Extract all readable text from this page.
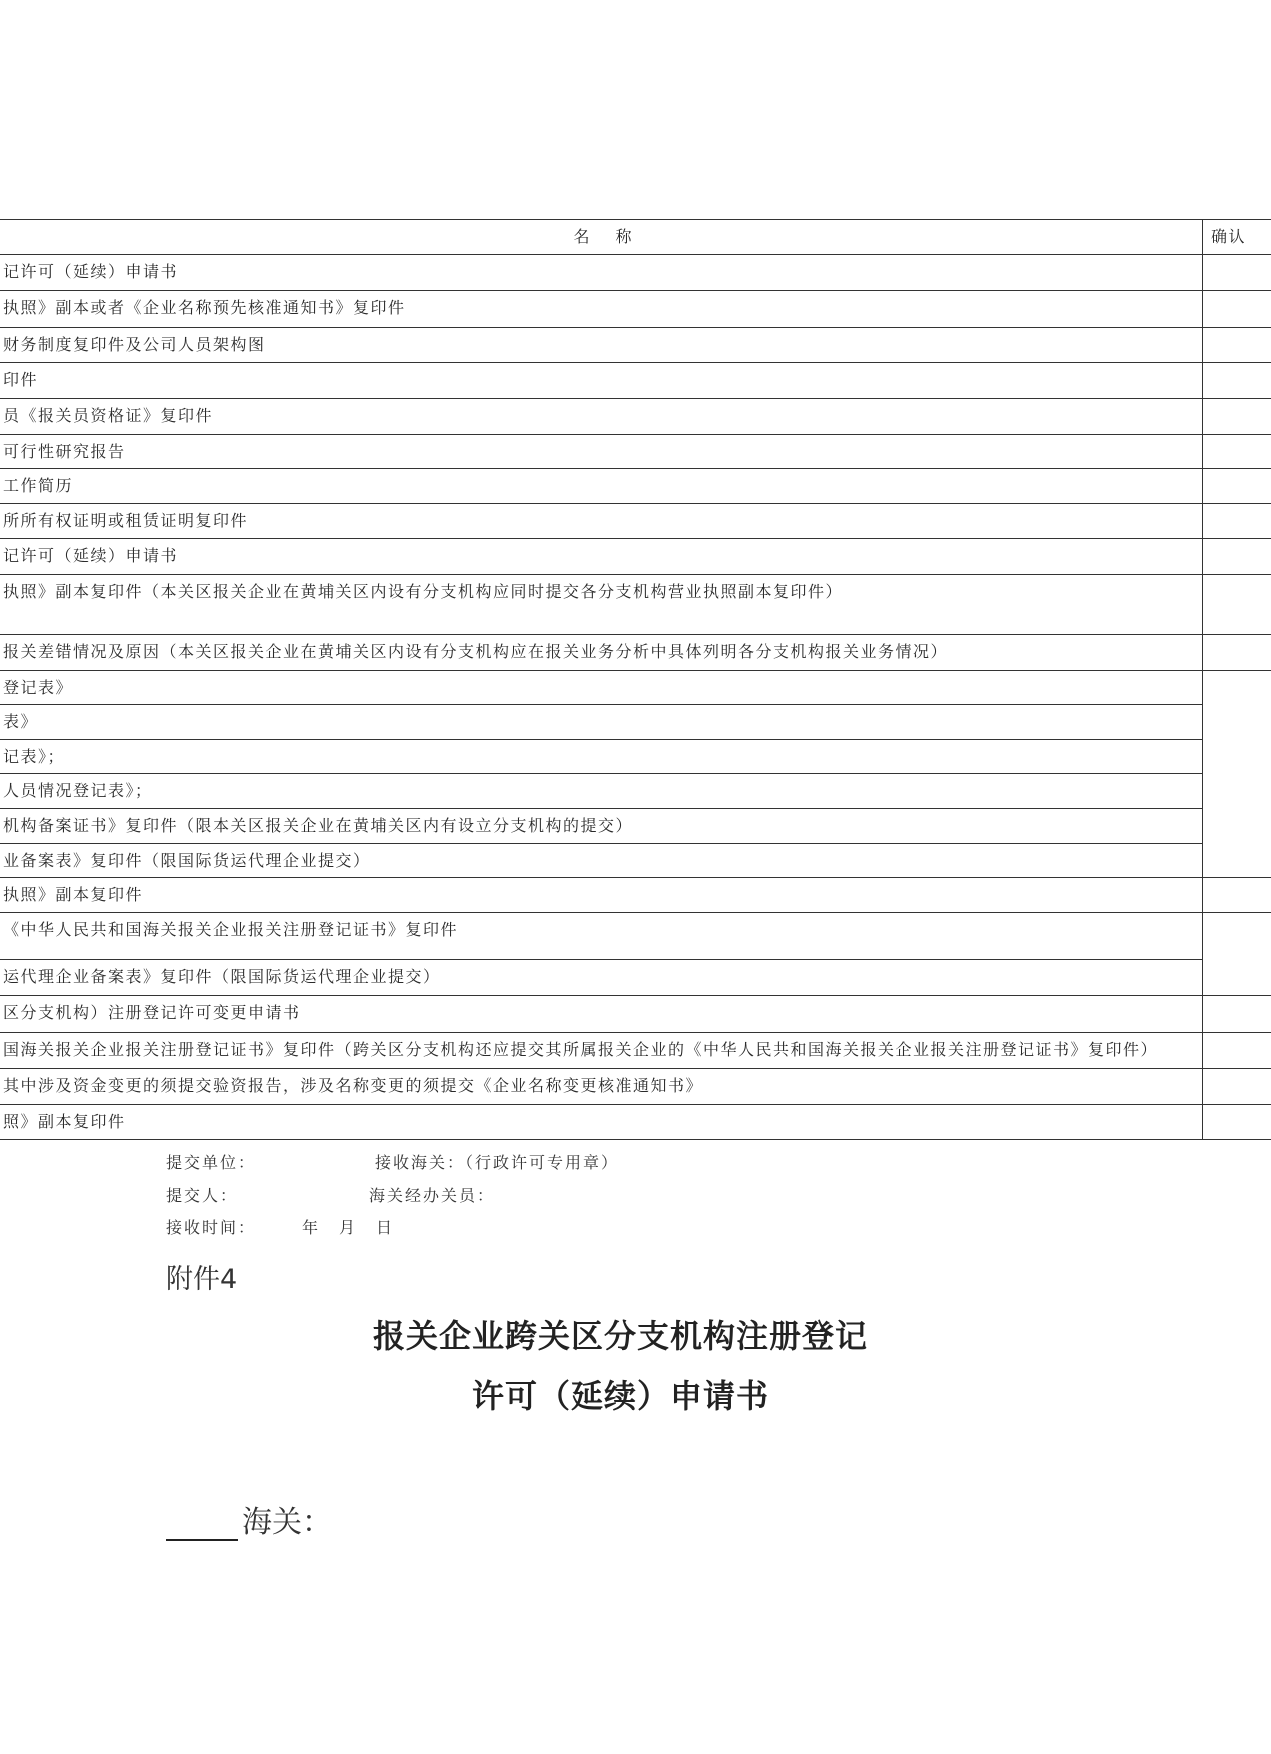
名 称	确认
记许可（延续）申请书	
执照》副本或者《企业名称预先核准通知书》复印件	
财务制度复印件及公司人员架构图	
印件	
员《报关员资格证》复印件	
可行性研究报告	
工作简历	
所所有权证明或租赁证明复印件	
记许可（延续）申请书	
执照》副本复印件（本关区报关企业在黄埔关区内设有分支机构应同时提交各分支机构营业执照副本复印件）	
报关差错情况及原因（本关区报关企业在黄埔关区内设有分支机构应在报关业务分析中具体列明各分支机构报关业务情况）	
登记表》	
表》	
记表》；	
人员情况登记表》；	
机构备案证书》复印件（限本关区报关企业在黄埔关区内有设立分支机构的提交）	
业备案表》复印件（限国际货运代理企业提交）	
执照》副本复印件	
《中华人民共和国海关报关企业报关注册登记证书》复印件	
运代理企业备案表》复印件（限国际货运代理企业提交）	
区分支机构）注册登记许可变更申请书	
国海关报关企业报关注册登记证书》复印件（跨关区分支机构还应提交其所属报关企业的《中华人民共和国海关报关企业报关注册登记证书》复印件）	
其中涉及资金变更的须提交验资报告，涉及名称变更的须提交《企业名称变更核准通知书》	
照》副本复印件	
提交单位：	接收海关：（行政许可专用章）
提交人：	海关经办关员：
接收时间：	年 月 日
附件4
报关企业跨关区分支机构注册登记
许可（延续）申请书
海关：
